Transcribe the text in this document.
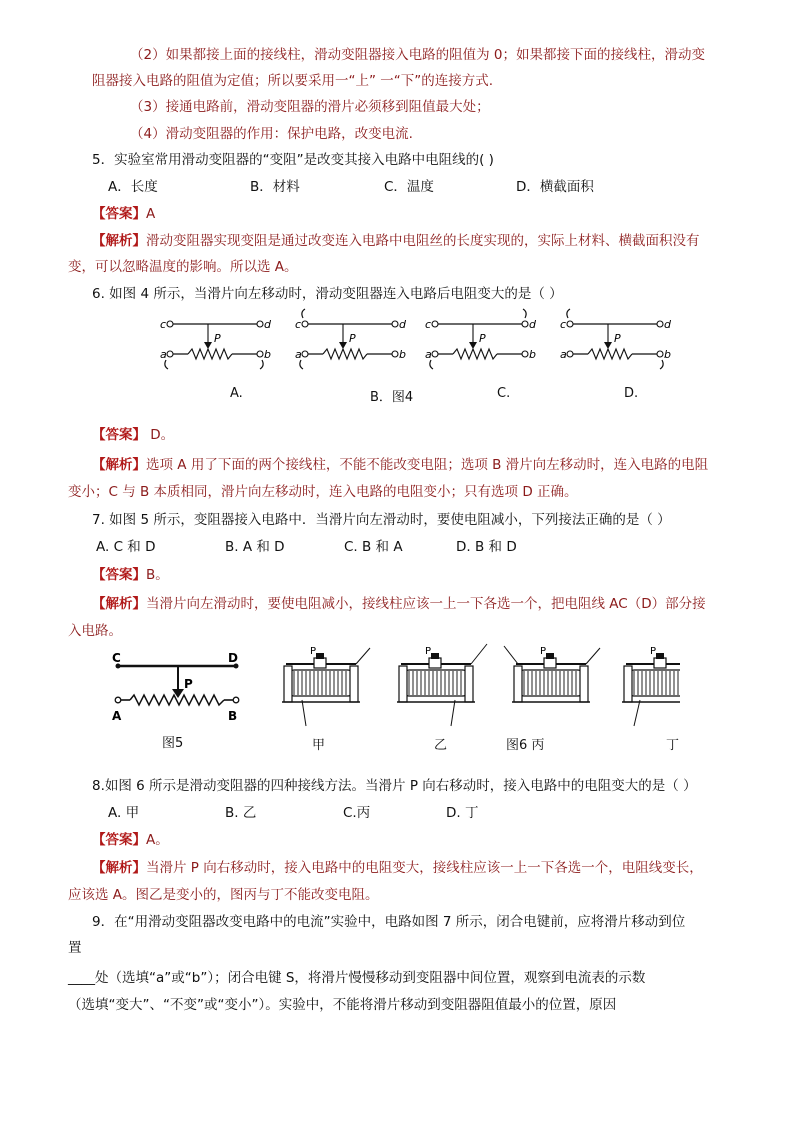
（2）如果都接上面的接线柱，滑动变阻器接入电路的阻值为 0；如果都接下面的接线柱，滑动变
阻器接入电路的阻值为定值；所以要采用一“上” 一“下”的连接方式.
（3）接通电路前，滑动变阻器的滑片必须移到阻值最大处；
（4）滑动变阻器的作用：保护电路，改变电流.
5．实验室常用滑动变阻器的“变阻”是改变其接入电路中电阻线的( )
A．长度	B．材料	C．温度	D．横截面积
【答案】A
【解析】滑动变阻器实现变阻是通过改变连入电路中电阻丝的长度实现的，实际上材料、横截面积没有
变，可以忽略温度的影响。所以选 A。
6. 如图 4 所示，当滑片向左移动时，滑动变阻器连入电路后电阻变大的是（ ）
c	d
a	b
P
c	d
a	b
P
c	d
a	b
P
c	d
a	b
P
A.	B．图4	C.	D.
【答案】 D。
【解析】选项 A 用了下面的两个接线柱，不能不能改变电阻；选项 B 滑片向左移动时，连入电路的电阻
变小；C 与 B 本质相同，滑片向左移动时，连入电路的电阻变小；只有选项 D 正确。
7. 如图 5 所示，变阻器接入电路中．当滑片向左滑动时，要使电阻减小，下列接法正确的是（ ）
A. C 和 D	B. A 和 D	C. B 和 A	D. B 和 D
【答案】B。
【解析】当滑片向左滑动时，要使电阻减小，接线柱应该一上一下各选一个，把电阻线 AC（D）部分接
入电路。
C	D
A	B
P
图5
P	P	P	P
甲	乙	图6 丙	丁
8.如图 6 所示是滑动变阻器的四种接线方法。当滑片 P 向右移动时，接入电路中的电阻变大的是（ ）
A. 甲	B. 乙	C.丙	D. 丁
【答案】A。
【解析】当滑片 P 向右移动时，接入电路中的电阻变大，接线柱应该一上一下各选一个，电阻线变长，
应该选 A。图乙是变小的，图丙与丁不能改变电阻。
9．在“用滑动变阻器改变电路中的电流”实验中，电路如图 7 所示，闭合电键前，应将滑片移动到位
置
____处（选填“a”或“b”）；闭合电键 S，将滑片慢慢移动到变阻器中间位置，观察到电流表的示数
（选填“变大”、“不变”或“变小”）。实验中，不能将滑片移动到变阻器阻值最小的位置，原因
